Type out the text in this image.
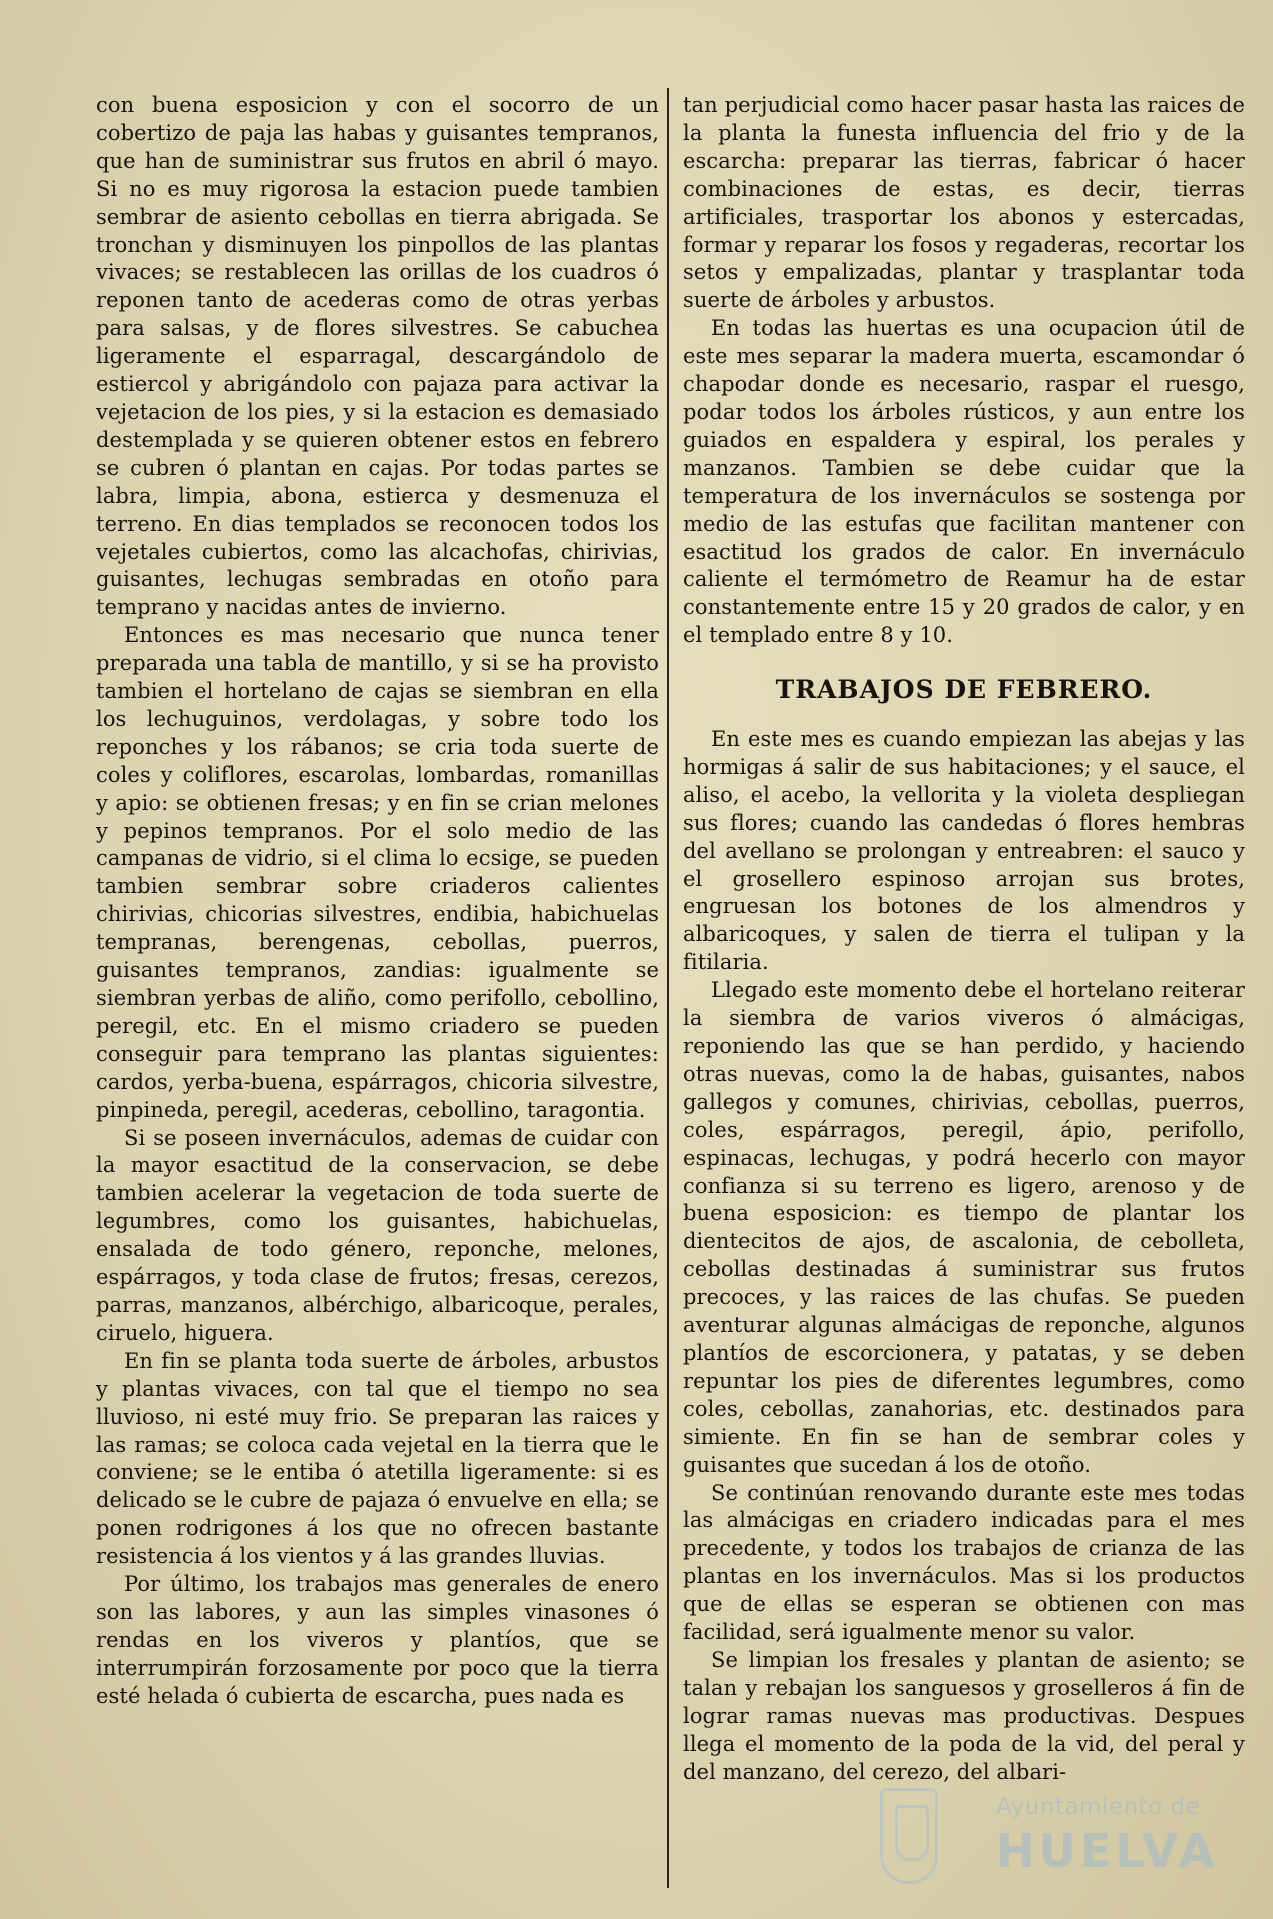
con buena esposicion y con el socorro de un cobertizo de paja las habas y guisantes tempranos, que han de suministrar sus frutos en abril ó mayo. Si no es muy rigorosa la estacion puede tambien sembrar de asiento cebollas en tierra abrigada. Se tronchan y disminuyen los pinpollos de las plantas vivaces; se restablecen las orillas de los cuadros ó reponen tanto de acederas como de otras yerbas para salsas, y de flores silvestres. Se cabuchea ligeramente el esparragal, descargándolo de estiercol y abrigándolo con pajaza para activar la vejetacion de los pies, y si la estacion es demasiado destemplada y se quieren obtener estos en febrero se cubren ó plantan en cajas. Por todas partes se labra, limpia, abona, estierca y desmenuza el terreno. En dias templados se reconocen todos los vejetales cubiertos, como las alcachofas, chirivias, guisantes, lechugas sembradas en otoño para temprano y nacidas antes de invierno.

Entonces es mas necesario que nunca tener preparada una tabla de mantillo, y si se ha provisto tambien el hortelano de cajas se siembran en ella los lechuguinos, verdolagas, y sobre todo los reponches y los rábanos; se cria toda suerte de coles y coliflores, escarolas, lombardas, romanillas y apio: se obtienen fresas; y en fin se crian melones y pepinos tempranos. Por el solo medio de las campanas de vidrio, si el clima lo ecsige, se pueden tambien sembrar sobre criaderos calientes chirivias, chicorias silvestres, endibia, habichuelas tempranas, berengenas, cebollas, puerros, guisantes tempranos, zandias: igualmente se siembran yerbas de aliño, como perifollo, cebollino, peregil, etc. En el mismo criadero se pueden conseguir para temprano las plantas siguientes: cardos, yerba-buena, espárragos, chicoria silvestre, pinpineda, peregil, acederas, cebollino, taragontia.

Si se poseen invernáculos, ademas de cuidar con la mayor esactitud de la conservacion, se debe tambien acelerar la vegetacion de toda suerte de legumbres, como los guisantes, habichuelas, ensalada de todo género, reponche, melones, espárragos, y toda clase de frutos; fresas, cerezos, parras, manzanos, albérchigo, albaricoque, perales, ciruelo, higuera.

En fin se planta toda suerte de árboles, arbustos y plantas vivaces, con tal que el tiempo no sea lluvioso, ni esté muy frio. Se preparan las raices y las ramas; se coloca cada vejetal en la tierra que le conviene; se le entiba ó atetilla ligeramente: si es delicado se le cubre de pajaza ó envuelve en ella; se ponen rodrigones á los que no ofrecen bastante resistencia á los vientos y á las grandes lluvias.

Por último, los trabajos mas generales de enero son las labores, y aun las simples vinasones ó rendas en los viveros y plantíos, que se interrumpirán forzosamente por poco que la tierra esté helada ó cubierta de escarcha, pues nada es

tan perjudicial como hacer pasar hasta las raices de la planta la funesta influencia del frio y de la escarcha: preparar las tierras, fabricar ó hacer combinaciones de estas, es decir, tierras artificiales, trasportar los abonos y estercadas, formar y reparar los fosos y regaderas, recortar los setos y empalizadas, plantar y trasplantar toda suerte de árboles y arbustos.

En todas las huertas es una ocupacion útil de este mes separar la madera muerta, escamondar ó chapodar donde es necesario, raspar el ruesgo, podar todos los árboles rústicos, y aun entre los guiados en espaldera y espiral, los perales y manzanos. Tambien se debe cuidar que la temperatura de los invernáculos se sostenga por medio de las estufas que facilitan mantener con esactitud los grados de calor. En invernáculo caliente el termómetro de Reamur ha de estar constantemente entre 15 y 20 grados de calor, y en el templado entre 8 y 10.

TRABAJOS DE FEBRERO.

En este mes es cuando empiezan las abejas y las hormigas á salir de sus habitaciones; y el sauce, el aliso, el acebo, la vellorita y la violeta despliegan sus flores; cuando las candedas ó flores hembras del avellano se prolongan y entreabren: el sauco y el grosellero espinoso arrojan sus brotes, engruesan los botones de los almendros y albaricoques, y salen de tierra el tulipan y la fitilaria.

Llegado este momento debe el hortelano reiterar la siembra de varios viveros ó almácigas, reponiendo las que se han perdido, y haciendo otras nuevas, como la de habas, guisantes, nabos gallegos y comunes, chirivias, cebollas, puerros, coles, espárragos, peregil, ápio, perifollo, espinacas, lechugas, y podrá hecerlo con mayor confianza si su terreno es ligero, arenoso y de buena esposicion: es tiempo de plantar los dientecitos de ajos, de ascalonia, de cebolleta, cebollas destinadas á suministrar sus frutos precoces, y las raices de las chufas. Se pueden aventurar algunas almácigas de reponche, algunos plantíos de escorcionera, y patatas, y se deben repuntar los pies de diferentes legumbres, como coles, cebollas, zanahorias, etc. destinados para simiente. En fin se han de sembrar coles y guisantes que sucedan á los de otoño.

Se continúan renovando durante este mes todas las almácigas en criadero indicadas para el mes precedente, y todos los trabajos de crianza de las plantas en los invernáculos. Mas si los productos que de ellas se esperan se obtienen con mas facilidad, será igualmente menor su valor.

Se limpian los fresales y plantan de asiento; se talan y rebajan los sanguesos y groselleros á fin de lograr ramas nuevas mas productivas. Despues llega el momento de la poda de la vid, del peral y del manzano, del cerezo, del albari-

Ayuntamiento de
HUELVA
